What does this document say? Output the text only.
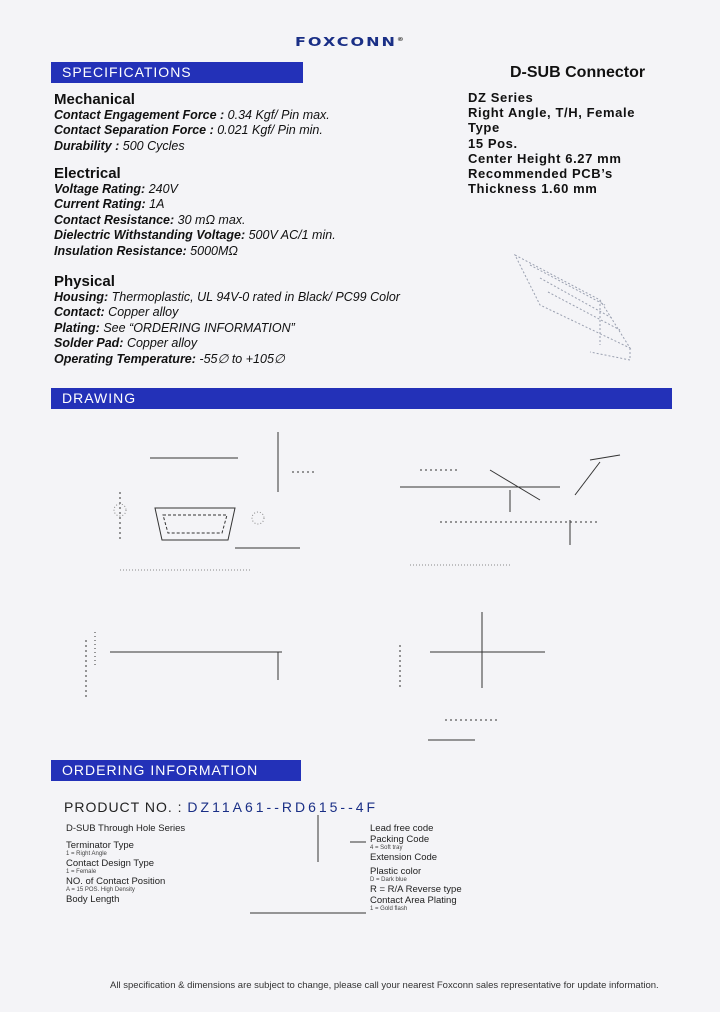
FOXCONN®
SPECIFICATIONS	D-SUB Connector
Mechanical
Contact Engagement Force : 0.34 Kgf/ Pin max.
Contact Separation Force : 0.021 Kgf/ Pin min.
Durability : 500 Cycles
Electrical
Voltage Rating: 240V
Current Rating: 1A
Contact Resistance: 30 mΩ max.
Dielectric Withstanding Voltage: 500V AC/1 min.
Insulation Resistance: 5000MΩ
Physical
Housing: Thermoplastic, UL 94V-0 rated in Black/ PC99 Color
Contact: Copper alloy
Plating: See “ORDERING INFORMATION”
Solder Pad: Copper alloy
Operating Temperature: -55∅ to +105∅
DZ Series
Right Angle, T/H, Female
Type
15 Pos.
Center Height 6.27 mm
Recommended PCB’s
Thickness 1.60 mm
DRAWING
ORDERING INFORMATION
PRODUCT NO. : DZ11A61--RD615--4F
D-SUB Through Hole Series
Terminator Type
1 = Right Angle
Contact Design Type
1 = Female
NO. of Contact Position
A = 15 POS. High Density
Body Length
Lead free code
Packing Code
4 = Soft tray
Extension Code
Plastic color
D = Dark blue
R = R/A Reverse type
Contact Area Plating
1 = Gold flash
All specification & dimensions are subject to change, please call your nearest Foxconn sales representative for update information.
